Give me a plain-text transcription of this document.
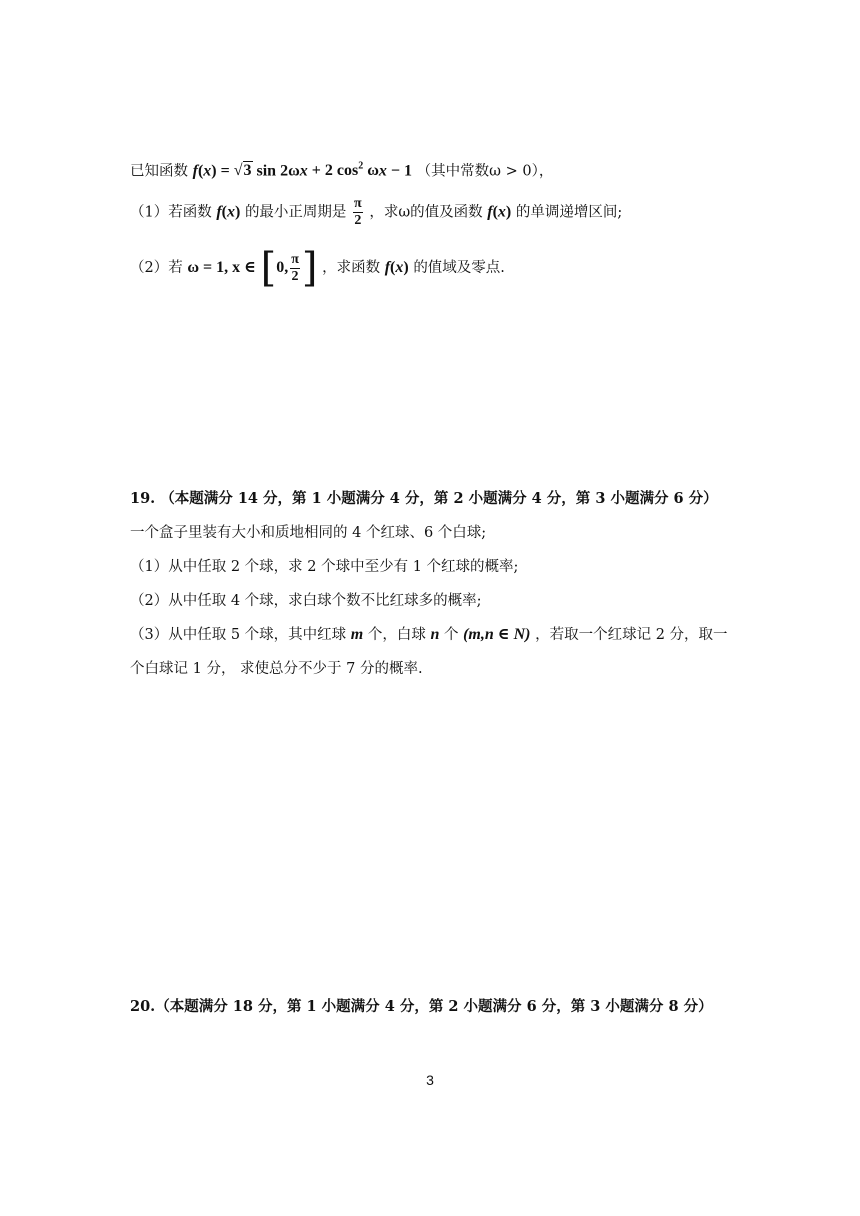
已知函数 f(x) = √3 sin 2ωx + 2 $\cos^2 \omega x - 1$ （其中常数ω > 0），
（1）若函数 f(x) 的最小正周期是 $\frac{\pi}{2}$ ，求ω的值及函数 f(x) 的单调递增区间;
（2）若 ω = 1, x ∈ [0, $\frac{\pi}{2}$ ] ，求函数 f(x) 的值域及零点.
19. （本题满分 14 分，第 1 小题满分 4 分，第 2 小题满分 4 分，第 3 小题满分 6 分）
一个盒子里装有大小和质地相同的 4 个红球、6 个白球;
（1）从中任取 2 个球，求 2 个球中至少有 1 个红球的概率;
（2）从中任取 4 个球，求白球个数不比红球多的概率;
（3）从中任取 5 个球，其中红球 m 个，白球 n 个 (m,n ∈ N) ，若取一个红球记 2 分，取一
个白球记 1 分， 求使总分不少于 7 分的概率.
20.（本题满分 18 分，第 1 小题满分 4 分，第 2 小题满分 6 分，第 3 小题满分 8 分）
3
